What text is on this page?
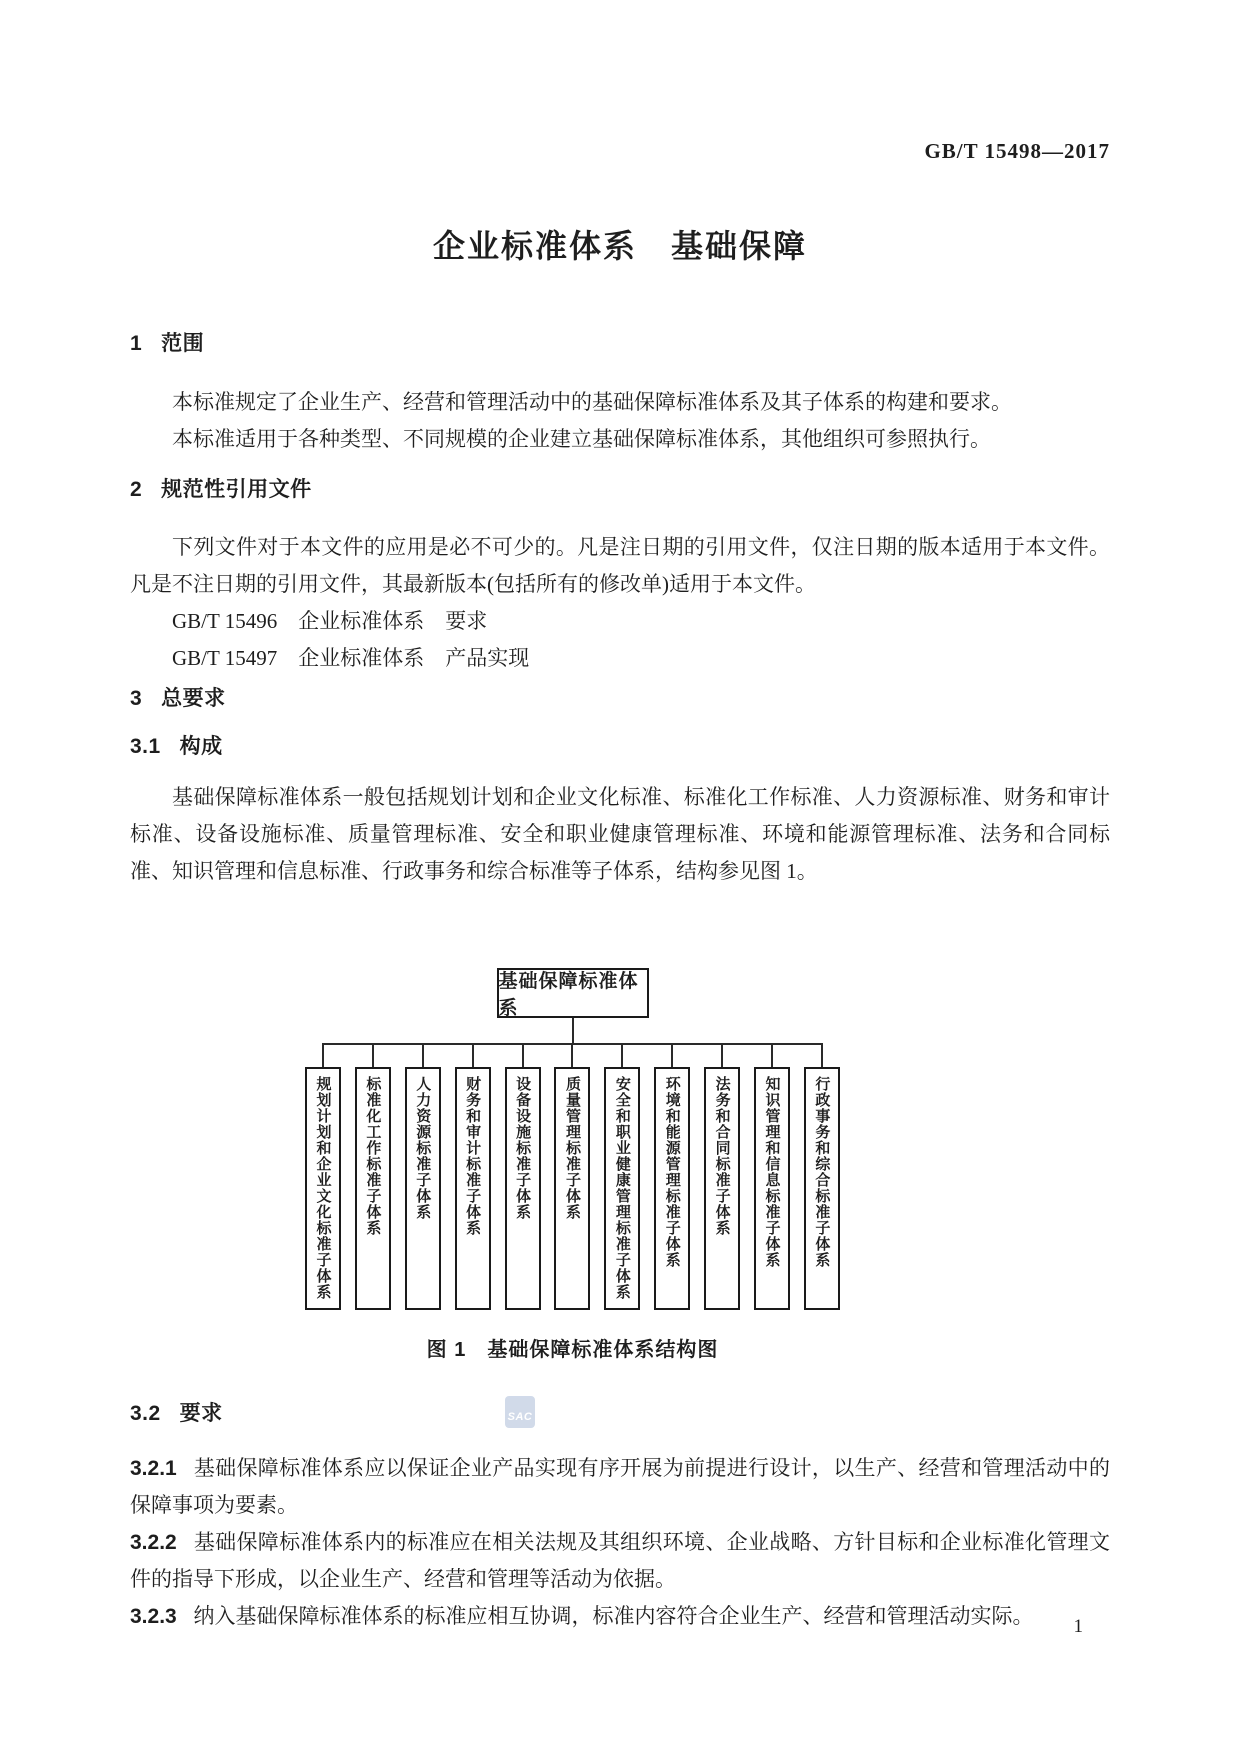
GB/T 15498—2017
企业标准体系　基础保障
1 范围

本标准规定了企业生产、经营和管理活动中的基础保障标准体系及其子体系的构建和要求。

本标准适用于各种类型、不同规模的企业建立基础保障标准体系，其他组织可参照执行。

2 规范性引用文件

下列文件对于本文件的应用是必不可少的。凡是注日期的引用文件，仅注日期的版本适用于本文件。凡是不注日期的引用文件，其最新版本(包括所有的修改单)适用于本文件。

GB/T 15496　企业标准体系　要求

GB/T 15497　企业标准体系　产品实现

3 总要求
3.1 构成

基础保障标准体系一般包括规划计划和企业文化标准、标准化工作标准、人力资源标准、财务和审计标准、设备设施标准、质量管理标准、安全和职业健康管理标准、环境和能源管理标准、法务和合同标准、知识管理和信息标准、行政事务和综合标准等子体系，结构参见图 1。

基础保障标准体系
规划计划和企业文化标准子体系 标准化工作标准子体系 人力资源标准子体系 财务和审计标准子体系 设备设施标准子体系 质量管理标准子体系 安全和职业健康管理标准子体系 环境和能源管理标准子体系 法务和合同标准子体系 知识管理和信息标准子体系 行政事务和综合标准子体系
图 1　基础保障标准体系结构图
3.2 要求

3.2.1 基础保障标准体系应以保证企业产品实现有序开展为前提进行设计，以生产、经营和管理活动中的保障事项为要素。

3.2.2 基础保障标准体系内的标准应在相关法规及其组织环境、企业战略、方针目标和企业标准化管理文件的指导下形成，以企业生产、经营和管理等活动为依据。

3.2.3 纳入基础保障标准体系的标准应相互协调，标准内容符合企业生产、经营和管理活动实际。

SAC
1
